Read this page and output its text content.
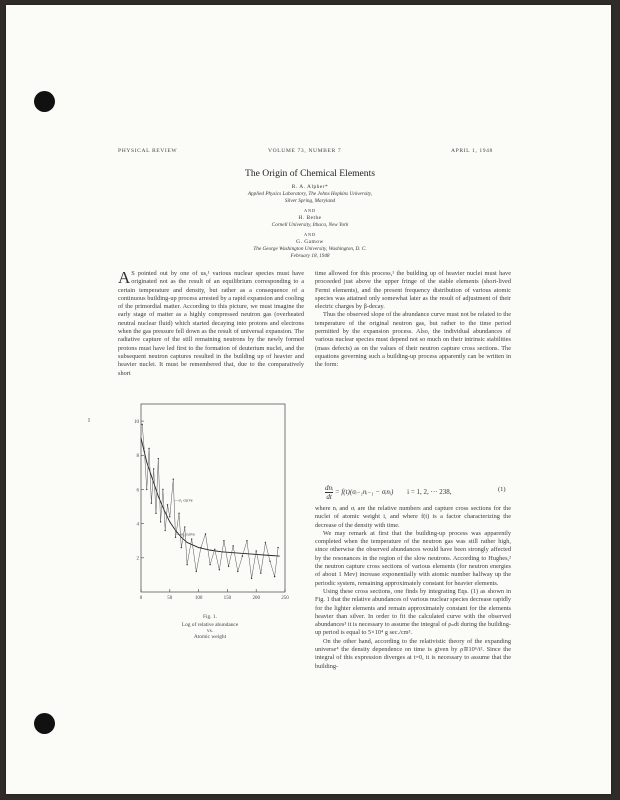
PHYSICAL REVIEW	VOLUME 73, NUMBER 7	APRIL 1, 1948
The Origin of Chemical Elements
R. A. Alpher*
Applied Physics Laboratory, The Johns Hopkins University,
Silver Spring, Maryland
AND
H. Bethe
Cornell University, Ithaca, New York
AND
G. Gamow
The George Washington University, Washington, D. C.
February 18, 1948

A S pointed out by one of us,¹ various nuclear species must have originated not as the result of an equilibrium corresponding to a certain temperature and density, but rather as a consequence of a continuous building-up process arrested by a rapid expansion and cooling of the primordial matter. According to this picture, we must imagine the early stage of matter as a highly compressed neutron gas (overheated neutral nuclear fluid) which started decaying into protons and electrons when the gas pressure fell down as the result of universal expansion. The radiative capture of the still remaining neutrons by the newly formed protons must have led first to the formation of deuterium nuclei, and the subsequent neutron captures resulted in the building up of heavier and heavier nuclei. It must be remembered that, due to the comparatively short

I
0	50	100	150	200	250
2
4
6
8
10
—σ₁ curve
—σ₂ curve
Fig. 1.
Log of relative abundance
vs.
Atomic weight

time allowed for this process,¹ the building up of heavier nuclei must have proceeded just above the upper fringe of the stable elements (short-lived Fermi elements), and the present frequency distribution of various atomic species was attained only somewhat later as the result of adjustment of their electric charges by β-decay.

Thus the observed slope of the abundance curve must not be related to the temperature of the original neutron gas, but rather to the time period permitted by the expansion process. Also, the individual abundances of various nuclear species must depend not so much on their intrinsic stabilities (mass defects) as on the values of their neutron capture cross sections. The equations governing such a building-up process apparently can be written in the form:

dnᵢ
dt
= f(t)(σᵢ₋₁nᵢ₋₁ − σᵢnᵢ) i = 1, 2, ··· 238,	(1)

where nᵢ and σᵢ are the relative numbers and capture cross sections for the nuclei of atomic weight i, and where f(t) is a factor characterizing the decrease of the density with time.

We may remark at first that the building-up process was apparently completed when the temperature of the neutron gas was still rather high, since otherwise the observed abundances would have been strongly affected by the resonances in the region of the slow neutrons. According to Hughes,² the neutron capture cross sections of various elements (for neutron energies of about 1 Mev) increase exponentially with atomic number halfway up the periodic system, remaining approximately constant for heavier elements.

Using these cross sections, one finds by integrating Eqs. (1) as shown in Fig. 1 that the relative abundances of various nuclear species decrease rapidly for the lighter elements and remain approximately constant for the elements heavier than silver. In order to fit the calculated curve with the observed abundances³ it is necessary to assume the integral of ρₙdt during the building-up period is equal to 5×10⁴ g sec./cm³.

On the other hand, according to the relativistic theory of the expanding universe⁴ the density dependence on time is given by ρ≅10⁶/t². Since the integral of this expression diverges at t=0, it is necessary to assume that the building-
